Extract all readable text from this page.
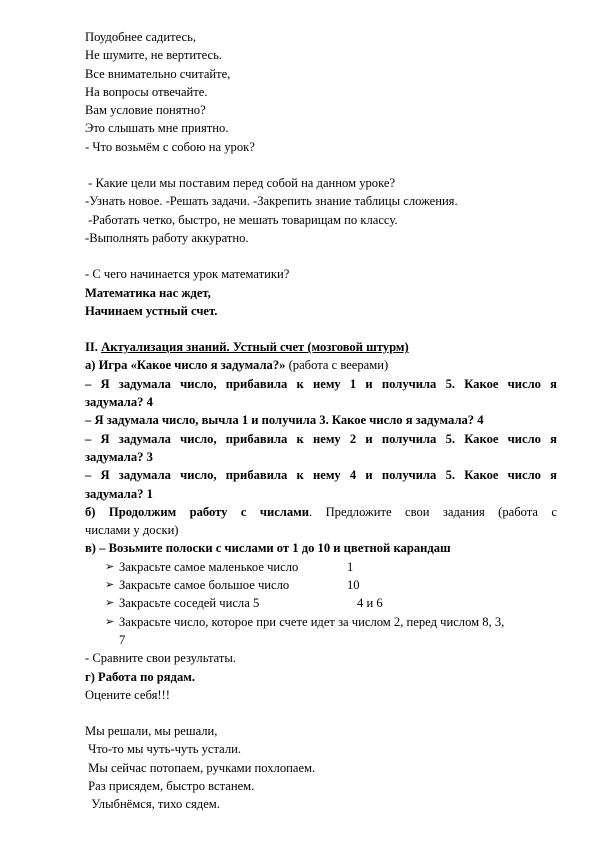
Поудобнее садитесь,

Не шумите, не вертитесь.

Все внимательно считайте,

На вопросы отвечайте.

Вам условие понятно?

Это слышать мне приятно.

- Что возьмём с собою на урок?

- Какие цели мы поставим перед собой на данном уроке?

-Узнать новое. -Решать задачи. -Закрепить знание таблицы сложения.

-Работать четко, быстро, не мешать товарищам по классу.

-Выполнять работу аккуратно.

- С чего начинается урок математики?

Математика нас ждет,

Начинаем устный счет.

II. Актуализация знаний. Устный счет (мозговой штурм)

а) Игра «Какое число я задумала?» (работа с веерами)

– Я задумала число, прибавила к нему 1 и получила 5. Какое число я

задумала? 4

– Я задумала число, вычла 1 и получила 3. Какое число я задумала? 4

– Я задумала число, прибавила к нему 2 и получила 5. Какое число я

задумала? 3

– Я задумала число, прибавила к нему 4 и получила 5. Какое число я

задумала? 1

б) Продолжим работу с числами. Предложите свои задания (работа с

числами у доски)

в) – Возьмите полоски с числами от 1 до 10 и цветной карандаш

➢ Закрасьте самое маленькое число	1
➢ Закрасьте самое большое число	10
➢ Закрасьте соседей числа 5	4 и 6
➢ Закрасьте число, которое при счете идет за числом 2, перед числом 8, 3,
7

- Сравните свои результаты.

г) Работа по рядам.

Оцените себя!!!

Мы решали, мы решали,

Что-то мы чуть-чуть устали.

Мы сейчас потопаем, ручками похлопаем.

Раз присядем, быстро встанем.

Улыбнёмся, тихо сядем.
